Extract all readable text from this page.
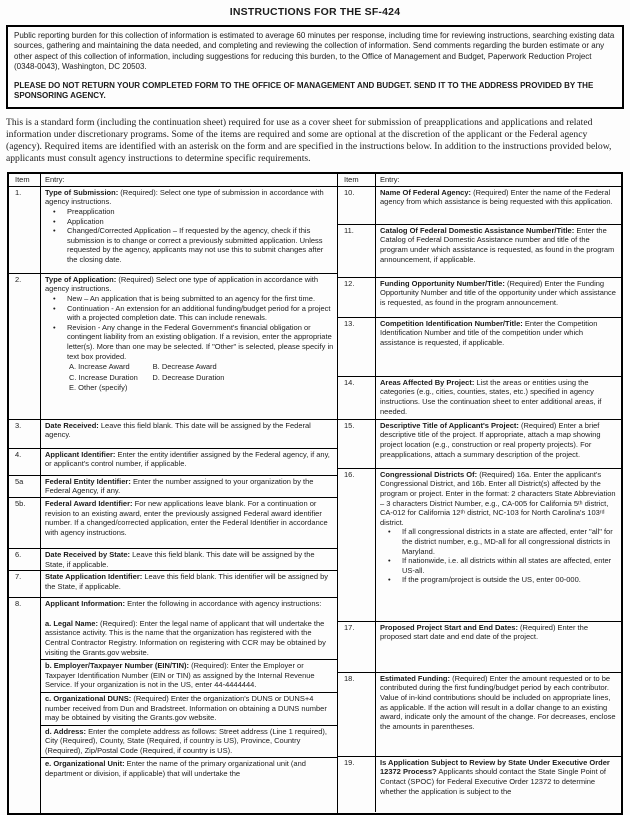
INSTRUCTIONS FOR THE SF-424
Public reporting burden for this collection of information is estimated to average 60 minutes per response, including time for reviewing instructions, searching existing data sources, gathering and maintaining the data needed, and completing and reviewing the collection of information. Send comments regarding the burden estimate or any other aspect of this collection of information, including suggestions for reducing this burden, to the Office of Management and Budget, Paperwork Reduction Project (0348-0043), Washington, DC 20503.
PLEASE DO NOT RETURN YOUR COMPLETED FORM TO THE OFFICE OF MANAGEMENT AND BUDGET. SEND IT TO THE ADDRESS PROVIDED BY THE SPONSORING AGENCY.
This is a standard form (including the continuation sheet) required for use as a cover sheet for submission of preapplications and applications and related information under discretionary programs. Some of the items are required and some are optional at the discretion of the applicant or the Federal agency (agency). Required items are identified with an asterisk on the form and are specified in the instructions below. In addition to the instructions provided below, applicants must consult agency instructions to determine specific requirements.
Item	Entry:
1.	Type of Submission: (Required): Select one type of submission in accordance with agency instructions.
•	Preapplication
•	Application
•	Changed/Corrected Application – If requested by the agency, check if this submission is to change or correct a previously submitted application. Unless requested by the agency, applicants may not use this to submit changes after the closing date.
2.	Type of Application: (Required) Select one type of application in accordance with agency instructions.
•	New – An application that is being submitted to an agency for the first time.
•	Continuation - An extension for an additional funding/budget period for a project with a projected completion date. This can include renewals.
•	Revision - Any change in the Federal Government's financial obligation or contingent liability from an existing obligation. If a revision, enter the appropriate letter(s). More than one may be selected. If "Other" is selected, please specify in text box provided.
A. Increase Award           B. Decrease Award
C. Increase Duration       D. Decrease Duration
E. Other (specify)
3.	Date Received: Leave this field blank. This date will be assigned by the Federal agency.
4.	Applicant Identifier: Enter the entity identifier assigned by the Federal agency, if any, or applicant's control number, if applicable.
5a	Federal Entity Identifier: Enter the number assigned to your organization by the Federal Agency, if any.
5b.	Federal Award Identifier: For new applications leave blank. For a continuation or revision to an existing award, enter the previously assigned Federal award identifier number. If a changed/corrected application, enter the Federal Identifier in accordance with agency instructions.
6.	Date Received by State: Leave this field blank. This date will be assigned by the State, if applicable.
7.	State Application Identifier: Leave this field blank. This identifier will be assigned by the State, if applicable.
8.	Applicant Information: Enter the following in accordance with agency instructions:
a. Legal Name: (Required): Enter the legal name of applicant that will undertake the assistance activity. This is the name that the organization has registered with the Central Contractor Registry. Information on registering with CCR may be obtained by visiting the Grants.gov website.
b. Employer/Taxpayer Number (EIN/TIN): (Required): Enter the Employer or Taxpayer Identification Number (EIN or TIN) as assigned by the Internal Revenue Service. If your organization is not in the US, enter 44-4444444.
c. Organizational DUNS: (Required) Enter the organization's DUNS or DUNS+4 number received from Dun and Bradstreet. Information on obtaining a DUNS number may be obtained by visiting the Grants.gov website.
d. Address: Enter the complete address as follows: Street address (Line 1 required), City (Required), County, State (Required, if country is US), Province, Country (Required), Zip/Postal Code (Required, if country is US).
e. Organizational Unit: Enter the name of the primary organizational unit (and department or division, if applicable) that will undertake the
Item	Entry:
10.	Name Of Federal Agency: (Required) Enter the name of the Federal agency from which assistance is being requested with this application.
11.	Catalog Of Federal Domestic Assistance Number/Title: Enter the Catalog of Federal Domestic Assistance number and title of the program under which assistance is requested, as found in the program announcement, if applicable.
12.	Funding Opportunity Number/Title: (Required) Enter the Funding Opportunity Number and title of the opportunity under which assistance is requested, as found in the program announcement.
13.	Competition Identification Number/Title: Enter the Competition Identification Number and title of the competition under which assistance is requested, if applicable.
14.	Areas Affected By Project: List the areas or entities using the categories (e.g., cities, counties, states, etc.) specified in agency instructions. Use the continuation sheet to enter additional areas, if needed.
15.	Descriptive Title of Applicant's Project: (Required) Enter a brief descriptive title of the project. If appropriate, attach a map showing project location (e.g., construction or real property projects). For preapplications, attach a summary description of the project.
16.	Congressional Districts Of: (Required) 16a. Enter the applicant's Congressional District, and 16b. Enter all District(s) affected by the program or project. Enter in the format: 2 characters State Abbreviation – 3 characters District Number, e.g., CA-005 for California 5ᵗʰ district, CA-012 for California 12ᵗʰ district, NC-103 for North Carolina's 103ʳᵈ district.
•	If all congressional districts in a state are affected, enter "all" for the district number, e.g., MD-all for all congressional districts in Maryland.
•	If nationwide, i.e. all districts within all states are affected, enter US-all.
•	If the program/project is outside the US, enter 00-000.
17.	Proposed Project Start and End Dates: (Required) Enter the proposed start date and end date of the project.
18.	Estimated Funding: (Required) Enter the amount requested or to be contributed during the first funding/budget period by each contributor. Value of in-kind contributions should be included on appropriate lines, as applicable. If the action will result in a dollar change to an existing award, indicate only the amount of the change. For decreases, enclose the amounts in parentheses.
19.	Is Application Subject to Review by State Under Executive Order 12372 Process? Applicants should contact the State Single Point of Contact (SPOC) for Federal Executive Order 12372 to determine whether the application is subject to the
